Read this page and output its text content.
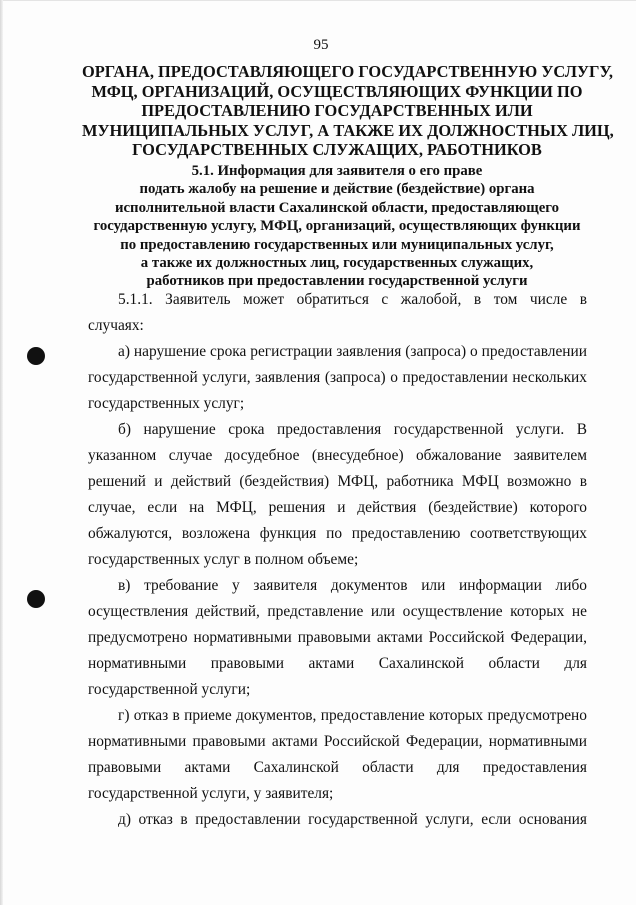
95
ОРГАНА, ПРЕДОСТАВЛЯЮЩЕГО ГОСУДАРСТВЕННУЮ УСЛУГУ,
МФЦ, ОРГАНИЗАЦИЙ, ОСУЩЕСТВЛЯЮЩИХ ФУНКЦИИ ПО
ПРЕДОСТАВЛЕНИЮ ГОСУДАРСТВЕННЫХ ИЛИ
МУНИЦИПАЛЬНЫХ УСЛУГ, А ТАКЖЕ ИХ ДОЛЖНОСТНЫХ ЛИЦ,
ГОСУДАРСТВЕННЫХ СЛУЖАЩИХ, РАБОТНИКОВ
5.1. Информация для заявителя о его праве
подать жалобу на решение и действие (бездействие) органа
исполнительной власти Сахалинской области, предоставляющего
государственную услугу, МФЦ, организаций, осуществляющих функции
по предоставлению государственных или муниципальных услуг,
а также их должностных лиц, государственных служащих,
работников при предоставлении государственной услуги
5.1.1. Заявитель может обратиться с жалобой, в том числе в
случаях:
а) нарушение срока регистрации заявления (запроса) о предоставлении
государственной услуги, заявления (запроса) о предоставлении нескольких
государственных услуг;
б) нарушение срока предоставления государственной услуги. В
указанном случае досудебное (внесудебное) обжалование заявителем
решений и действий (бездействия) МФЦ, работника МФЦ возможно в
случае, если на МФЦ, решения и действия (бездействие) которого
обжалуются, возложена функция по предоставлению соответствующих
государственных услуг в полном объеме;
в) требование у заявителя документов или информации либо
осуществления действий, представление или осуществление которых не
предусмотрено нормативными правовыми актами Российской Федерации,
нормативными правовыми актами Сахалинской области для
государственной услуги;
г) отказ в приеме документов, предоставление которых предусмотрено
нормативными правовыми актами Российской Федерации, нормативными
правовыми актами Сахалинской области для предоставления
государственной услуги, у заявителя;
д) отказ в предоставлении государственной услуги, если основания
